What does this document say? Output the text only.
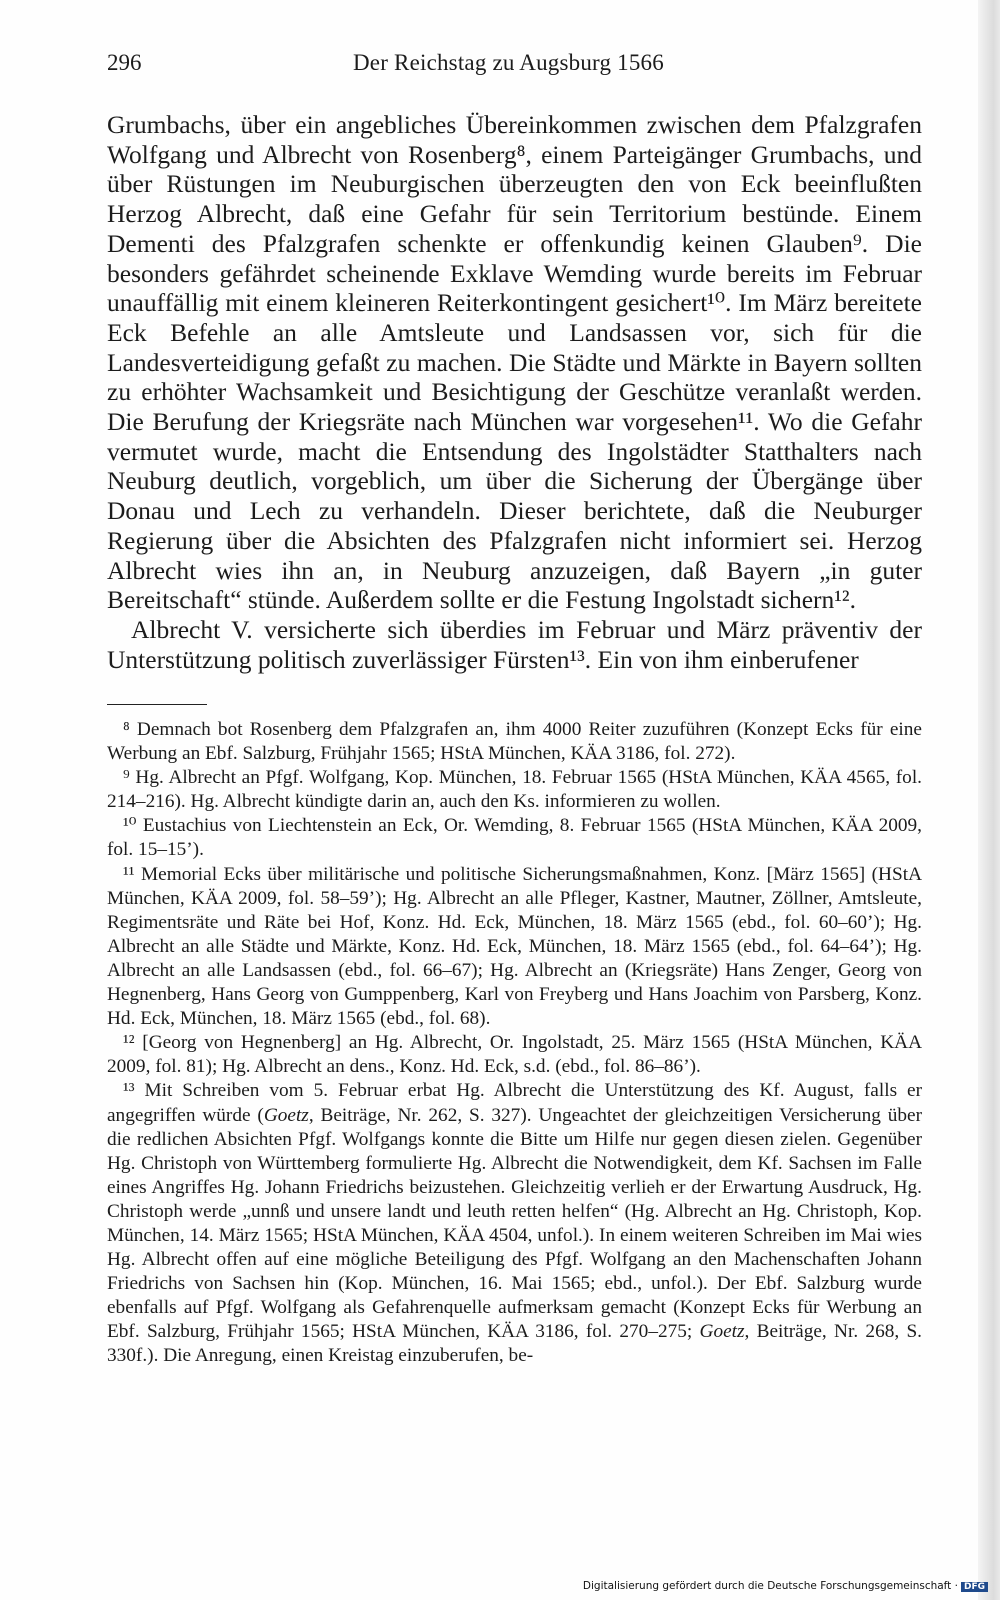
296	Der Reichstag zu Augsburg 1566

Grumbachs, über ein angebliches Übereinkommen zwischen dem Pfalzgrafen Wolfgang und Albrecht von Rosenberg⁸, einem Parteigänger Grumbachs, und über Rüstungen im Neuburgischen überzeugten den von Eck beeinflußten Herzog Albrecht, daß eine Gefahr für sein Territorium bestünde. Einem Dementi des Pfalzgrafen schenkte er offenkundig keinen Glauben⁹. Die besonders gefährdet scheinende Exklave Wemding wurde bereits im Februar unauffällig mit einem kleineren Reiterkontingent gesichert¹⁰. Im März bereitete Eck Befehle an alle Amtsleute und Landsassen vor, sich für die Landesverteidigung gefaßt zu machen. Die Städte und Märkte in Bayern sollten zu erhöhter Wachsamkeit und Besichtigung der Geschütze veranlaßt werden. Die Berufung der Kriegsräte nach München war vorgesehen¹¹. Wo die Gefahr vermutet wurde, macht die Entsendung des Ingolstädter Statthalters nach Neuburg deutlich, vorgeblich, um über die Sicherung der Übergänge über Donau und Lech zu verhandeln. Dieser berichtete, daß die Neuburger Regierung über die Absichten des Pfalzgrafen nicht informiert sei. Herzog Albrecht wies ihn an, in Neuburg anzuzeigen, daß Bayern „in guter Bereitschaft“ stünde. Außerdem sollte er die Festung Ingolstadt sichern¹².

Albrecht V. versicherte sich überdies im Februar und März präventiv der Unterstützung politisch zuverlässiger Fürsten¹³. Ein von ihm einberufener

⁸ Demnach bot Rosenberg dem Pfalzgrafen an, ihm 4000 Reiter zuzuführen (Konzept Ecks für eine Werbung an Ebf. Salzburg, Frühjahr 1565; HStA München, KÄA 3186, fol. 272).

⁹ Hg. Albrecht an Pfgf. Wolfgang, Kop. München, 18. Februar 1565 (HStA München, KÄA 4565, fol. 214–216). Hg. Albrecht kündigte darin an, auch den Ks. informieren zu wollen.

¹⁰ Eustachius von Liechtenstein an Eck, Or. Wemding, 8. Februar 1565 (HStA München, KÄA 2009, fol. 15–15’).

¹¹ Memorial Ecks über militärische und politische Sicherungsmaßnahmen, Konz. [März 1565] (HStA München, KÄA 2009, fol. 58–59’); Hg. Albrecht an alle Pfleger, Kastner, Mautner, Zöllner, Amtsleute, Regimentsräte und Räte bei Hof, Konz. Hd. Eck, München, 18. März 1565 (ebd., fol. 60–60’); Hg. Albrecht an alle Städte und Märkte, Konz. Hd. Eck, München, 18. März 1565 (ebd., fol. 64–64’); Hg. Albrecht an alle Landsassen (ebd., fol. 66–67); Hg. Albrecht an (Kriegsräte) Hans Zenger, Georg von Hegnenberg, Hans Georg von Gumppenberg, Karl von Freyberg und Hans Joachim von Parsberg, Konz. Hd. Eck, München, 18. März 1565 (ebd., fol. 68).

¹² [Georg von Hegnenberg] an Hg. Albrecht, Or. Ingolstadt, 25. März 1565 (HStA München, KÄA 2009, fol. 81); Hg. Albrecht an dens., Konz. Hd. Eck, s.d. (ebd., fol. 86–86’).

¹³ Mit Schreiben vom 5. Februar erbat Hg. Albrecht die Unterstützung des Kf. August, falls er angegriffen würde (Goetz, Beiträge, Nr. 262, S. 327). Ungeachtet der gleichzeitigen Versicherung über die redlichen Absichten Pfgf. Wolfgangs konnte die Bitte um Hilfe nur gegen diesen zielen. Gegenüber Hg. Christoph von Württemberg formulierte Hg. Albrecht die Notwendigkeit, dem Kf. Sachsen im Falle eines Angriffes Hg. Johann Friedrichs beizustehen. Gleichzeitig verlieh er der Erwartung Ausdruck, Hg. Christoph werde „unnß und unsere landt und leuth retten helfen“ (Hg. Albrecht an Hg. Christoph, Kop. München, 14. März 1565; HStA München, KÄA 4504, unfol.). In einem weiteren Schreiben im Mai wies Hg. Albrecht offen auf eine mögliche Beteiligung des Pfgf. Wolfgang an den Machenschaften Johann Friedrichs von Sachsen hin (Kop. München, 16. Mai 1565; ebd., unfol.). Der Ebf. Salzburg wurde ebenfalls auf Pfgf. Wolfgang als Gefahrenquelle aufmerksam gemacht (Konzept Ecks für Werbung an Ebf. Salzburg, Frühjahr 1565; HStA München, KÄA 3186, fol. 270–275; Goetz, Beiträge, Nr. 268, S. 330f.). Die Anregung, einen Kreistag einzuberufen, be-

Digitalisierung gefördert durch die Deutsche Forschungsgemeinschaft · DFG
